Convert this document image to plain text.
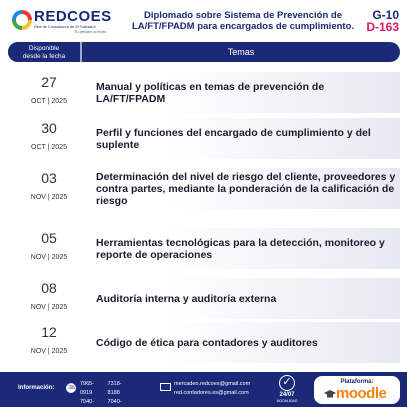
REDCOES
Red de Contadores de El Salvador
Tu gestión al éxito
Diplomado sobre Sistema de Prevención de
LA/FT/FPADM para encargados de cumplimiento.
G-10
D-163
Disponible
desde la fecha	Temas
27
OCT | 2025
Manual y políticas en temas de prevención de LA/FT/FPADM
30
OCT | 2025
Perfil y funciones del encargado de cumplimiento y del suplente
03
NOV | 2025
Determinación del nivel de riesgo del cliente, proveedores y contra partes, mediante la ponderación de la calificación de riesgo
05
NOV | 2025
Herramientas tecnológicas para la detección, monitoreo y reporte de operaciones
08
NOV | 2025
Auditoría interna y auditoría externa
12
NOV | 2025
Código de ética para contadores y auditores
Información:
☏
7965-0919 7318-8188
7040-5558 7040-4365
mercadeo.redcoes@gmail.com
red.contadores.es@gmail.com
✓
24/07
MODALIDAD
Plataforma:
moodle
